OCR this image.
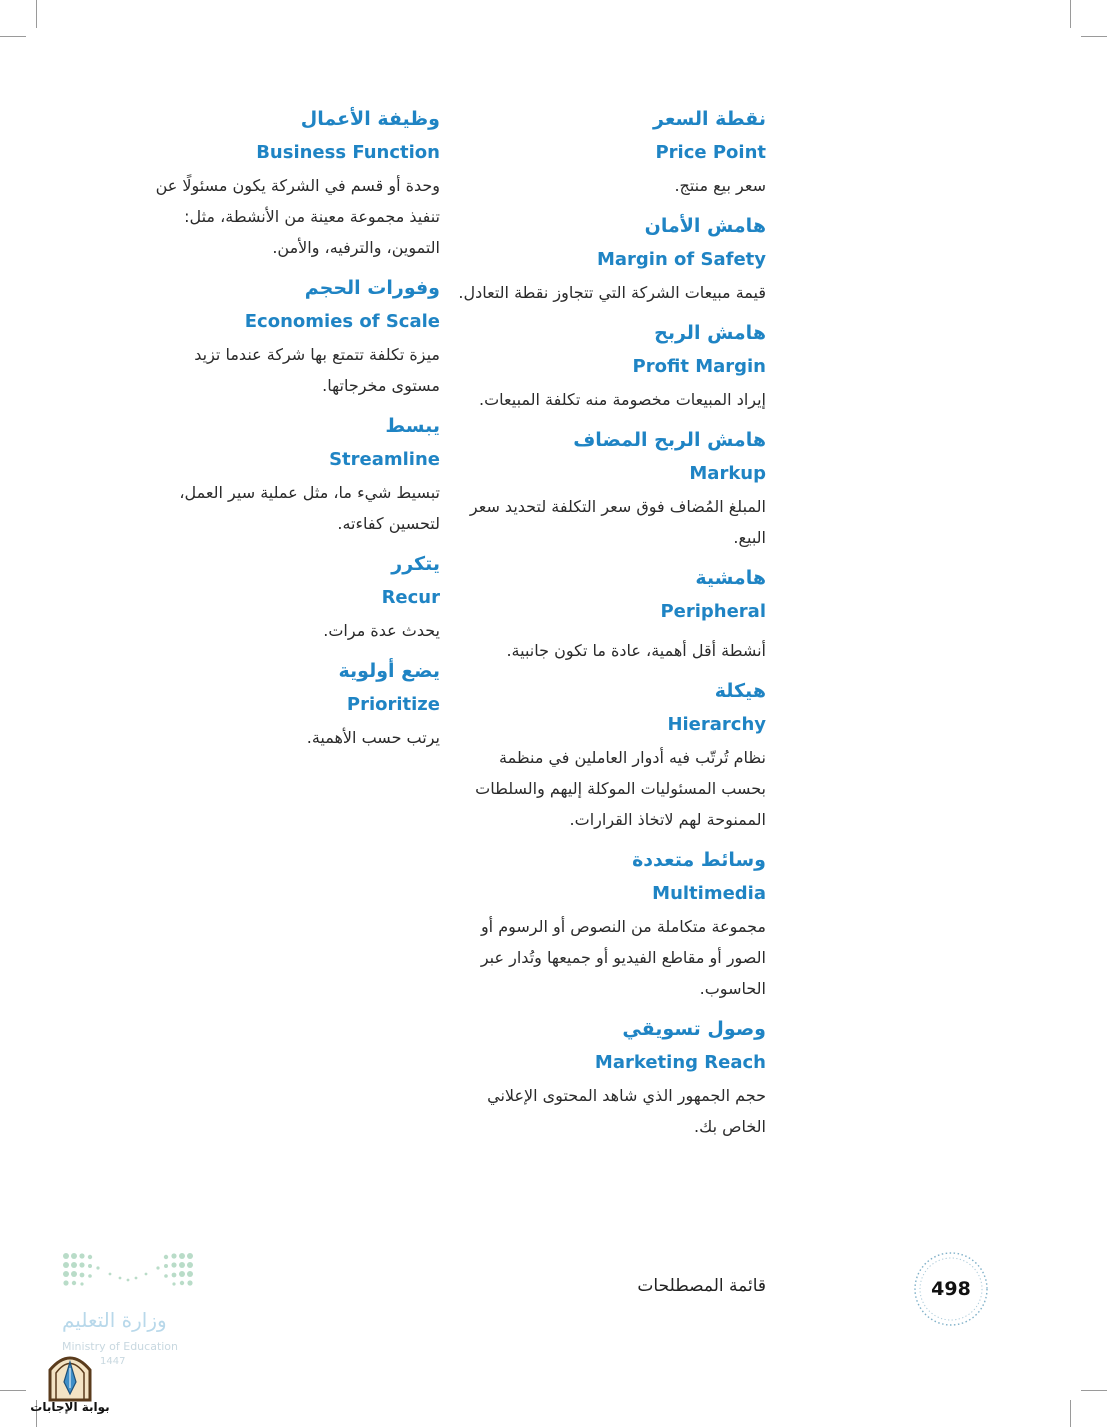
نقطة السعر
Price Point
سعر بيع منتج.
هامش الأمان
Margin of Safety
قيمة مبيعات الشركة التي تتجاوز نقطة التعادل.
هامش الربح
Profit Margin
إيراد المبيعات مخصومة منه تكلفة المبيعات.
هامش الربح المضاف
Markup
المبلغ المُضاف فوق سعر التكلفة لتحديد سعر البيع.
هامشية
Peripheral
أنشطة أقل أهمية، عادة ما تكون جانبية.
هيكلة
Hierarchy
نظام تُرتّب فيه أدوار العاملين في منظمة بحسب المسئوليات الموكلة إليهم والسلطات الممنوحة لهم لاتخاذ القرارات.
وسائط متعددة
Multimedia
مجموعة متكاملة من النصوص أو الرسوم أو الصور أو مقاطع الفيديو أو جميعها وتُدار عبر الحاسوب.
وصول تسويقي
Marketing Reach
حجم الجمهور الذي شاهد المحتوى الإعلاني الخاص بك.
وظيفة الأعمال
Business Function
وحدة أو قسم في الشركة يكون مسئولًا عن تنفيذ مجموعة معينة من الأنشطة، مثل: التموين، والترفيه، والأمن.
وفورات الحجم
Economies of Scale
ميزة تكلفة تتمتع بها شركة عندما تزيد مستوى مخرجاتها.
يبسط
Streamline
تبسيط شيء ما، مثل عملية سير العمل، لتحسين كفاءته.
يتكرر
Recur
يحدث عدة مرات.
يضع أولوية
Prioritize
يرتب حسب الأهمية.
قائمة المصطلحات	498
وزارة التعليم
Ministry of Education
1447
بوابة الإجابات
